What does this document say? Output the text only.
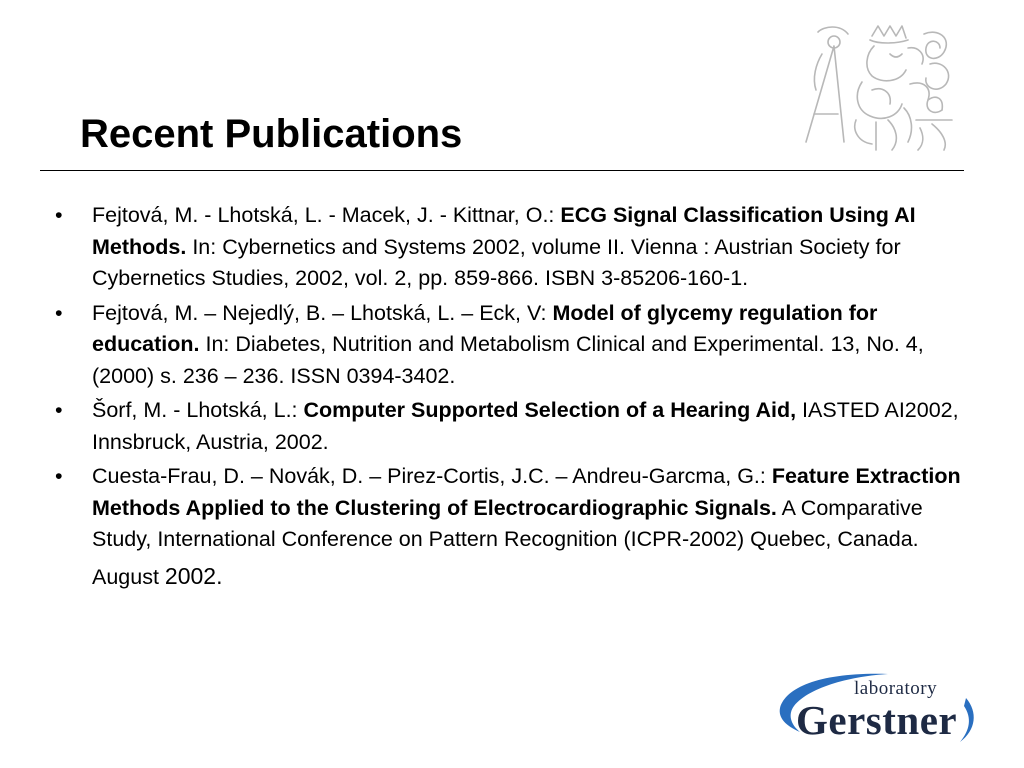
Recent Publications
•	Fejtová, M. - Lhotská, L. - Macek, J. - Kittnar, O.: ECG Signal Classification Using AI Methods. In: Cybernetics and Systems 2002, volume II. Vienna : Austrian Society for Cybernetics Studies, 2002, vol. 2, pp. 859-866. ISBN 3-85206-160-1.
•	Fejtová, M. – Nejedlý, B. – Lhotská, L. – Eck, V: Model of glycemy regulation for education. In: Diabetes, Nutrition and Metabolism Clinical and Experimental. 13, No. 4, (2000) s. 236 – 236. ISSN 0394-3402.
•	Šorf, M. - Lhotská, L.: Computer Supported Selection of a Hearing Aid, IASTED AI2002, Innsbruck, Austria, 2002.
•	Cuesta-Frau, D. – Novák, D. – Pirez-Cortis, J.C. – Andreu-Garcma, G.: Feature Extraction Methods Applied to the Clustering of Electrocardiographic Signals. A Comparative Study, International Conference on Pattern Recognition (ICPR-2002) Quebec, Canada. August 2002.
laboratory
Gerstner
